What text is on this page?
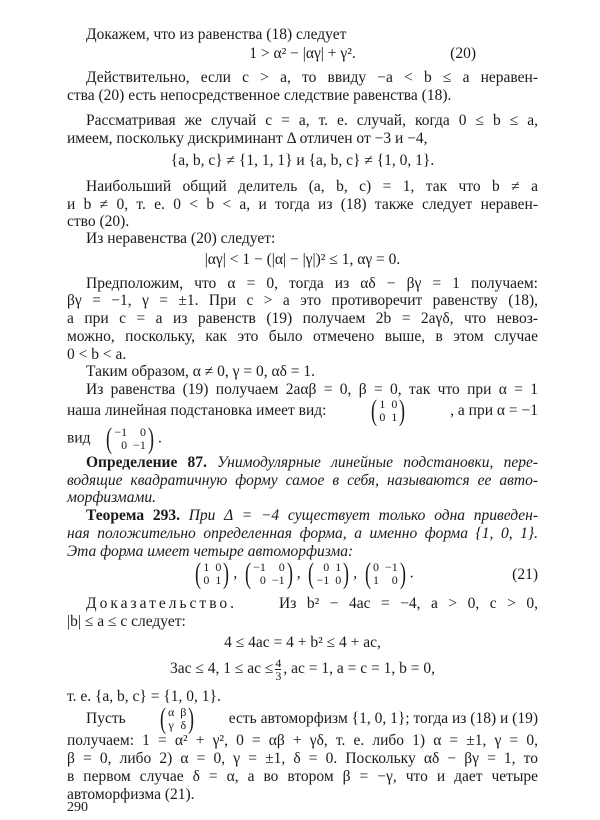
Докажем, что из равенства (18) следует
1 > α² − |αγ| + γ².	(20)
Действительно, если c > a, то ввиду −a < b ≤ a неравен-
ства (20) есть непосредственное следствие равенства (18).
Рассматривая же случай c = a, т. е. случай, когда 0 ≤ b ≤ a,
имеем, поскольку дискриминант Δ отличен от −3 и −4,
{a, b, c} ≠ {1, 1, 1} и {a, b, c} ≠ {1, 0, 1}.
Наибольший общий делитель (a, b, c) = 1, так что b ≠ a
и b ≠ 0, т. е. 0 < b < a, и тогда из (18) также следует неравен-
ство (20).
Из неравенства (20) следует:
|αγ| < 1 − (|α| − |γ|)² ≤ 1, αγ = 0.
Предположим, что α = 0, тогда из αδ − βγ = 1 получаем:
βγ = −1, γ = ±1. При c > a это противоречит равенству (18),
а при c = a из равенств (19) получаем 2b = 2aγδ, что невоз-
можно, поскольку, как это было отмечено выше, в этом случае
0 < b < a.
Таким образом, α ≠ 0, γ = 0, αδ = 1.
Из равенства (19) получаем 2aαβ = 0, β = 0, так что при α = 1
наша линейная подстановка имеет вид: ( 1 0
0 1 )	, а при α = −1
вид ( −1	0
0 −1 ) .
Определение 87. Унимодулярные линейные подстановки, пере-
водящие квадратичную форму самое в себя, называются ее авто-
морфизмами.
Теорема 293. При Δ = −4 существует только одна приведен-
ная положительно определенная форма, а именно форма {1, 0, 1}.
Эта форма имеет четыре автоморфизма:
( 1 0
0 1 ) , ( −1	0
0 −1 ) , ( 0 1
−1 0 ) , ( 0 −1
1	0 ) .	(21)
Доказательство.	Из b² − 4ac = −4, a > 0, c > 0,
|b| ≤ a ≤ c следует:
4 ≤ 4ac = 4 + b² ≤ 4 + ac,
3ac ≤ 4, 1 ≤ ac ≤ $\frac{4}{3}$ , ac = 1, a = c = 1, b = 0,
т. е. {a, b, c} = {1, 0, 1}.
Пусть ( α β
γ δ ) есть автоморфизм {1, 0, 1}; тогда из (18) и (19)
получаем: 1 = α² + γ², 0 = αβ + γδ, т. е. либо 1) α = ±1, γ = 0,
β = 0, либо 2) α = 0, γ = ±1, δ = 0. Поскольку αδ − βγ = 1, то
в первом случае δ = α, а во втором β = −γ, что и дает четыре
автоморфизма (21).
290
